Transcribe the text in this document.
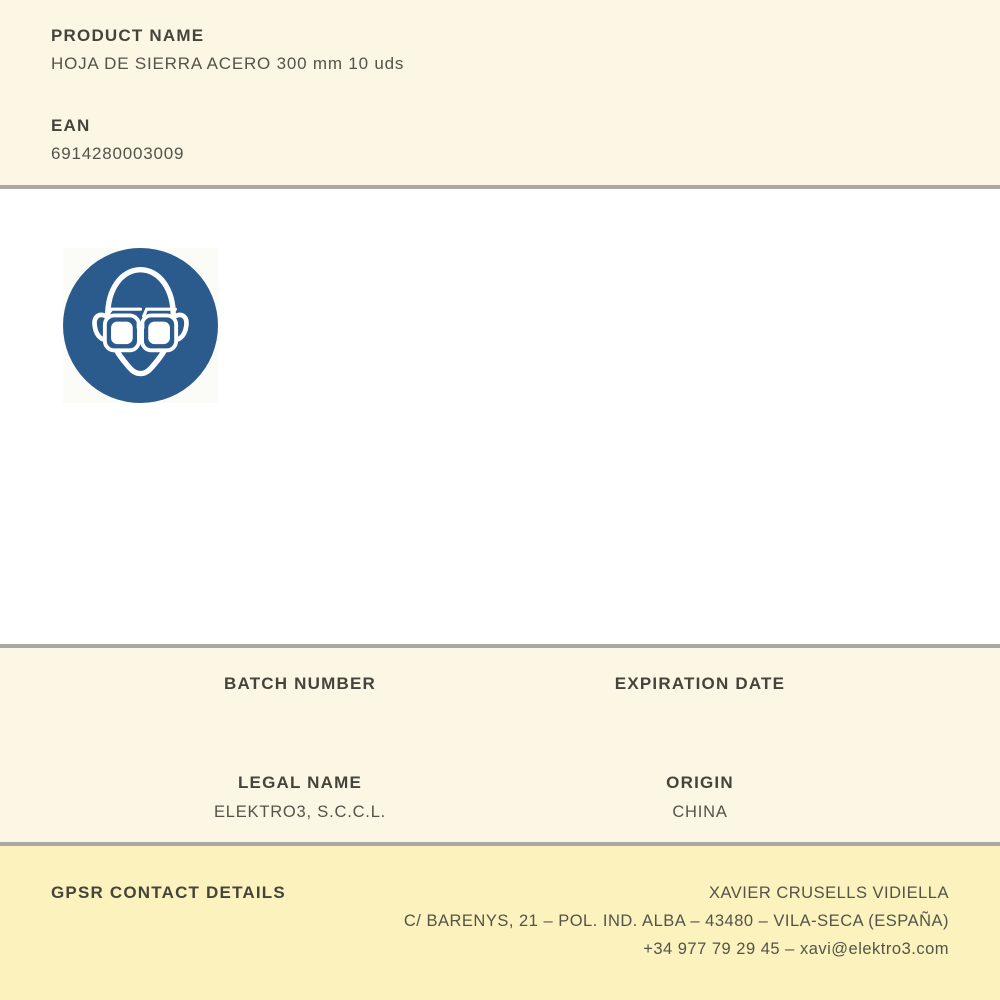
PRODUCT NAME
HOJA DE SIERRA ACERO 300 mm 10 uds
EAN
6914280003009
BATCH NUMBER	EXPIRATION DATE
LEGAL NAME
ELEKTRO3, S.C.C.L.
ORIGIN
CHINA
GPSR CONTACT DETAILS	XAVIER CRUSELLS VIDIELLA
C/ BARENYS, 21 – POL. IND. ALBA – 43480 – VILA-SECA (ESPAÑA)
+34 977 79 29 45 – xavi@elektro3.com
